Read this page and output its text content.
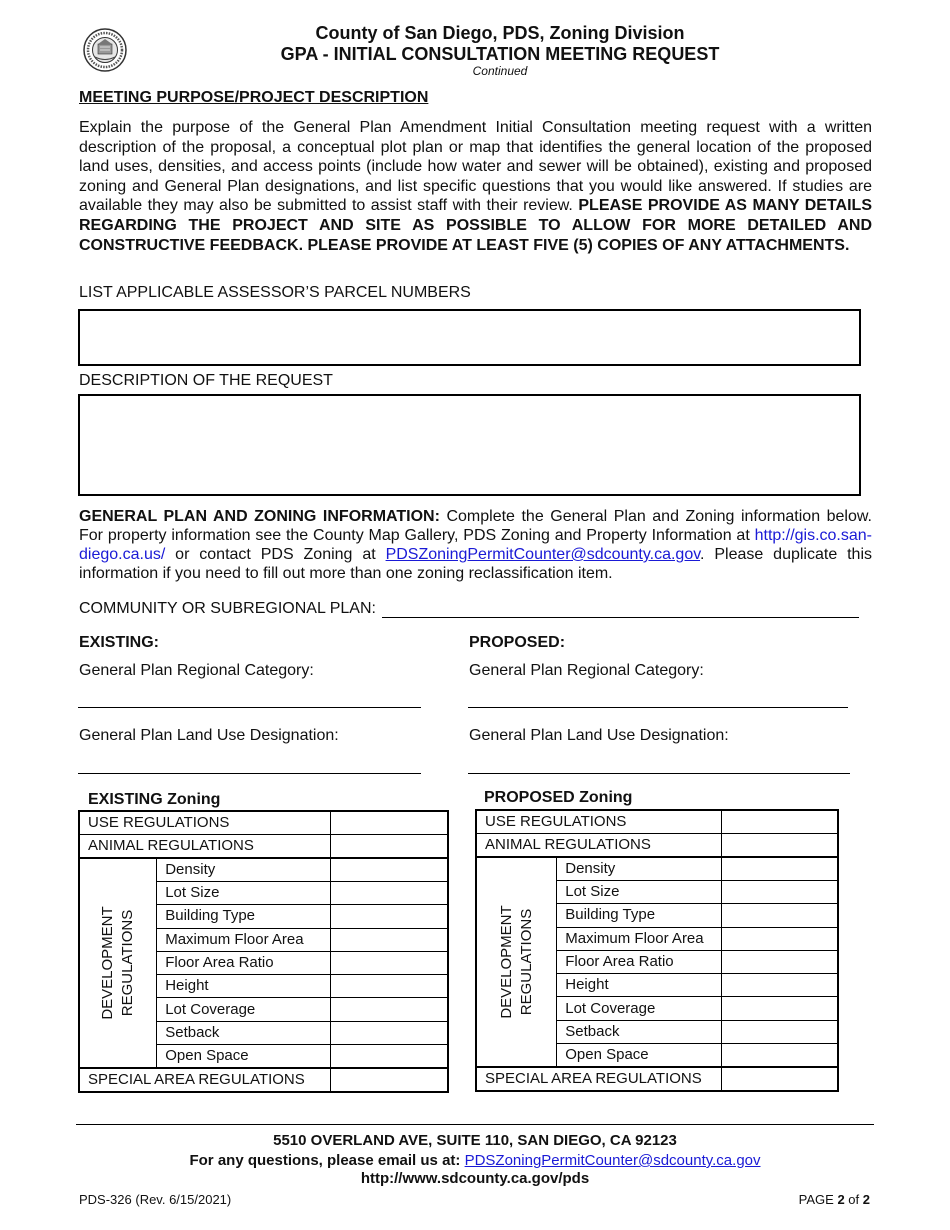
County of San Diego, PDS, Zoning Division
GPA - INITIAL CONSULTATION MEETING REQUEST
Continued
MEETING PURPOSE/PROJECT DESCRIPTION
Explain the purpose of the General Plan Amendment Initial Consultation meeting request with a written description of the proposal, a conceptual plot plan or map that identifies the general location of the proposed land uses, densities, and access points (include how water and sewer will be obtained), existing and proposed zoning and General Plan designations, and list specific questions that you would like answered. If studies are available they may also be submitted to assist staff with their review. PLEASE PROVIDE AS MANY DETAILS REGARDING THE PROJECT AND SITE AS POSSIBLE TO ALLOW FOR MORE DETAILED AND CONSTRUCTIVE FEEDBACK. PLEASE PROVIDE AT LEAST FIVE (5) COPIES OF ANY ATTACHMENTS.
LIST APPLICABLE ASSESSOR’S PARCEL NUMBERS
DESCRIPTION OF THE REQUEST
GENERAL PLAN AND ZONING INFORMATION: Complete the General Plan and Zoning information below. For property information see the County Map Gallery, PDS Zoning and Property Information at http://gis.co.san-diego.ca.us/ or contact PDS Zoning at PDSZoningPermitCounter@sdcounty.ca.gov. Please duplicate this information if you need to fill out more than one zoning reclassification item.
COMMUNITY OR SUBREGIONAL PLAN:
EXISTING:	PROPOSED:
General Plan Regional Category:	General Plan Regional Category:
General Plan Land Use Designation:	General Plan Land Use Designation:
EXISTING Zoning	PROPOSED Zoning
USE REGULATIONS		
ANIMAL REGULATIONS		

DEVELOPMENT REGULATIONS	Density	
	Lot Size	
	Building Type	
	Maximum Floor Area	
	Floor Area Ratio	
	Height	
	Lot Coverage	
	Setback	
	Open Space	
SPECIAL AREA REGULATIONS		
USE REGULATIONS		
ANIMAL REGULATIONS		

DEVELOPMENT REGULATIONS	Density	
	Lot Size	
	Building Type	
	Maximum Floor Area	
	Floor Area Ratio	
	Height	
	Lot Coverage	
	Setback	
	Open Space	
SPECIAL AREA REGULATIONS		
5510 OVERLAND AVE, SUITE 110, SAN DIEGO, CA 92123
For any questions, please email us at: PDSZoningPermitCounter@sdcounty.ca.gov
http://www.sdcounty.ca.gov/pds
PDS-326 (Rev. 6/15/2021)	PAGE 2 of 2
